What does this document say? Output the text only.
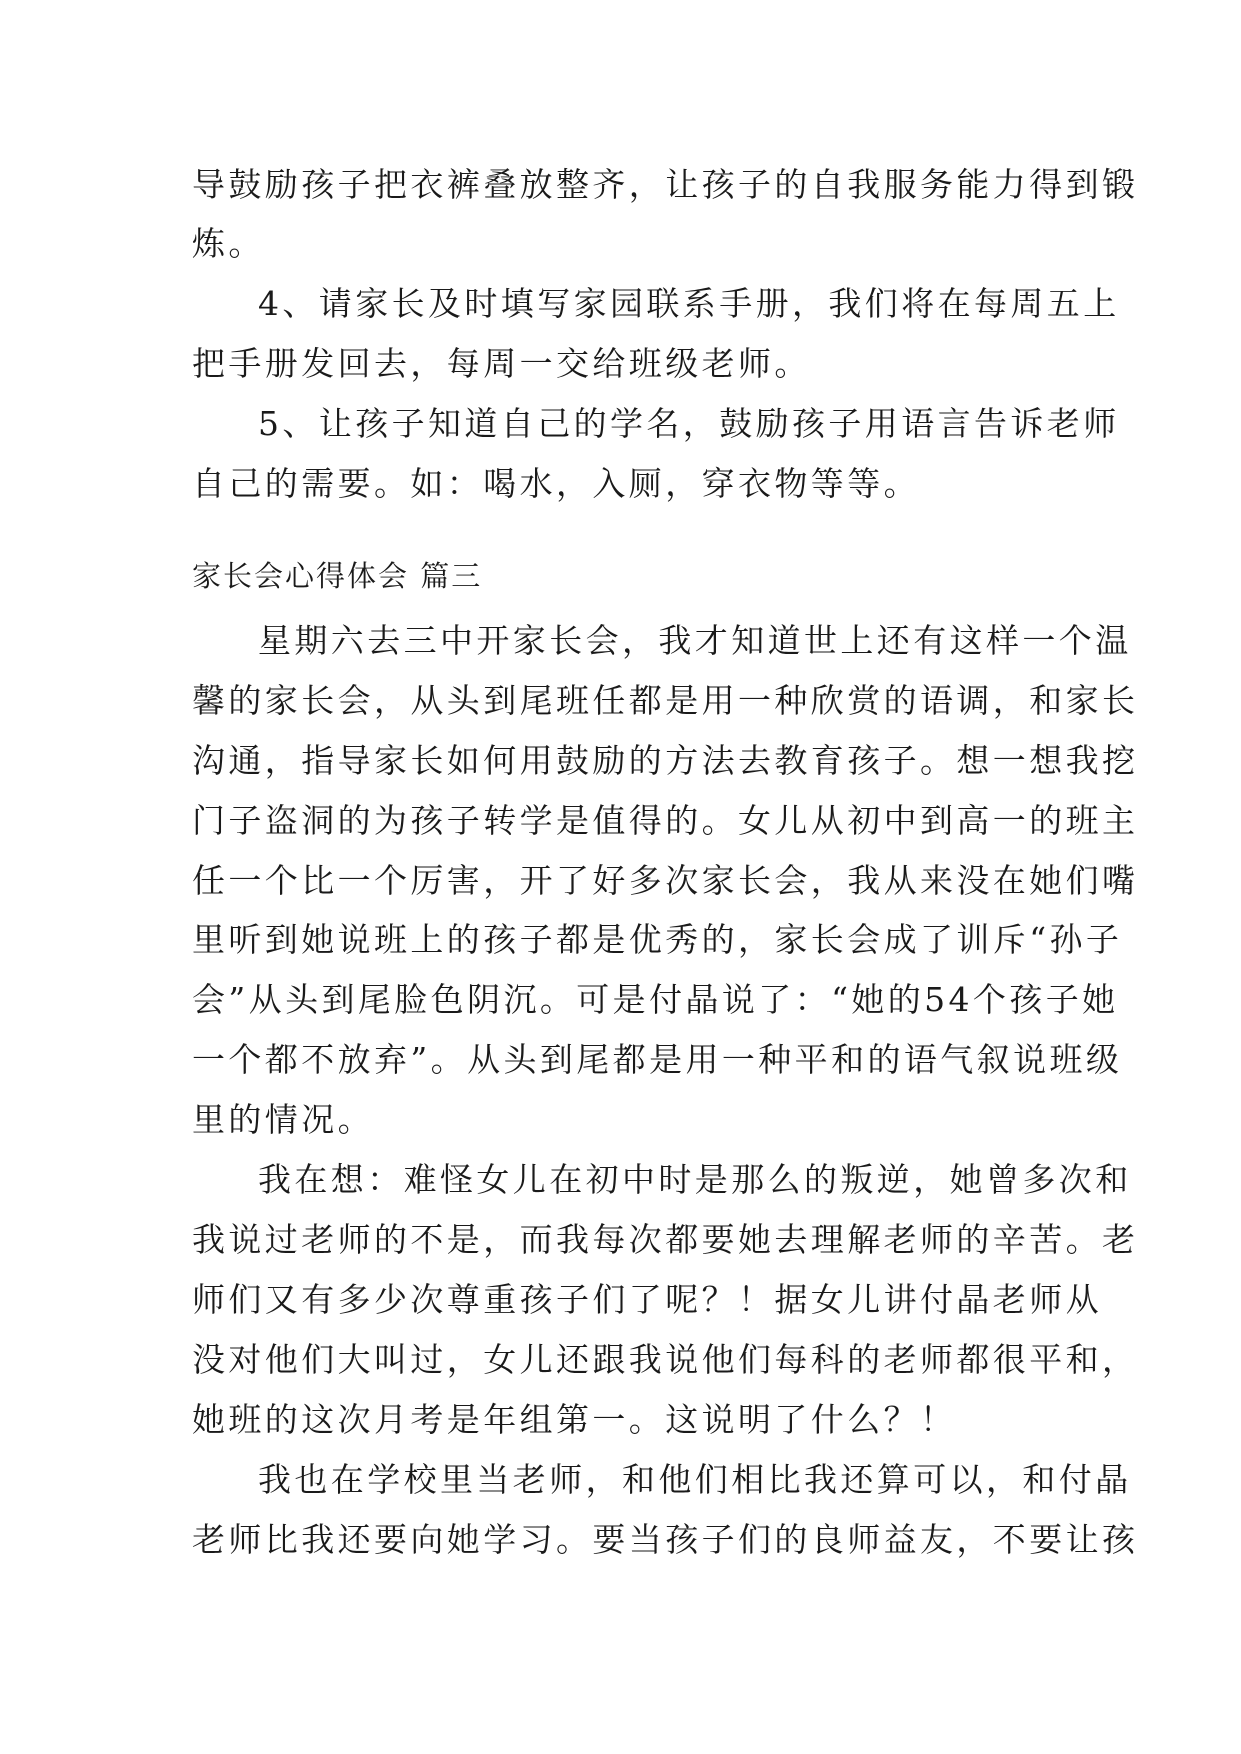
导鼓励孩子把衣裤叠放整齐，让孩子的自我服务能力得到锻
炼。
4、请家长及时填写家园联系手册，我们将在每周五上
把手册发回去，每周一交给班级老师。
5、让孩子知道自己的学名，鼓励孩子用语言告诉老师
自己的需要。如：喝水，入厕，穿衣物等等。
家长会心得体会 篇三
星期六去三中开家长会，我才知道世上还有这样一个温
馨的家长会，从头到尾班任都是用一种欣赏的语调，和家长
沟通，指导家长如何用鼓励的方法去教育孩子。想一想我挖
门子盗洞的为孩子转学是值得的。女儿从初中到高一的班主
任一个比一个厉害，开了好多次家长会，我从来没在她们嘴
里听到她说班上的孩子都是优秀的，家长会成了训斥“孙子
会”从头到尾脸色阴沉。可是付晶说了：“她的54个孩子她
一个都不放弃”。从头到尾都是用一种平和的语气叙说班级
里的情况。
我在想：难怪女儿在初中时是那么的叛逆，她曾多次和
我说过老师的不是，而我每次都要她去理解老师的辛苦。老
师们又有多少次尊重孩子们了呢？！据女儿讲付晶老师从
没对他们大叫过，女儿还跟我说他们每科的老师都很平和，
她班的这次月考是年组第一。这说明了什么？！
我也在学校里当老师，和他们相比我还算可以，和付晶
老师比我还要向她学习。要当孩子们的良师益友，不要让孩
